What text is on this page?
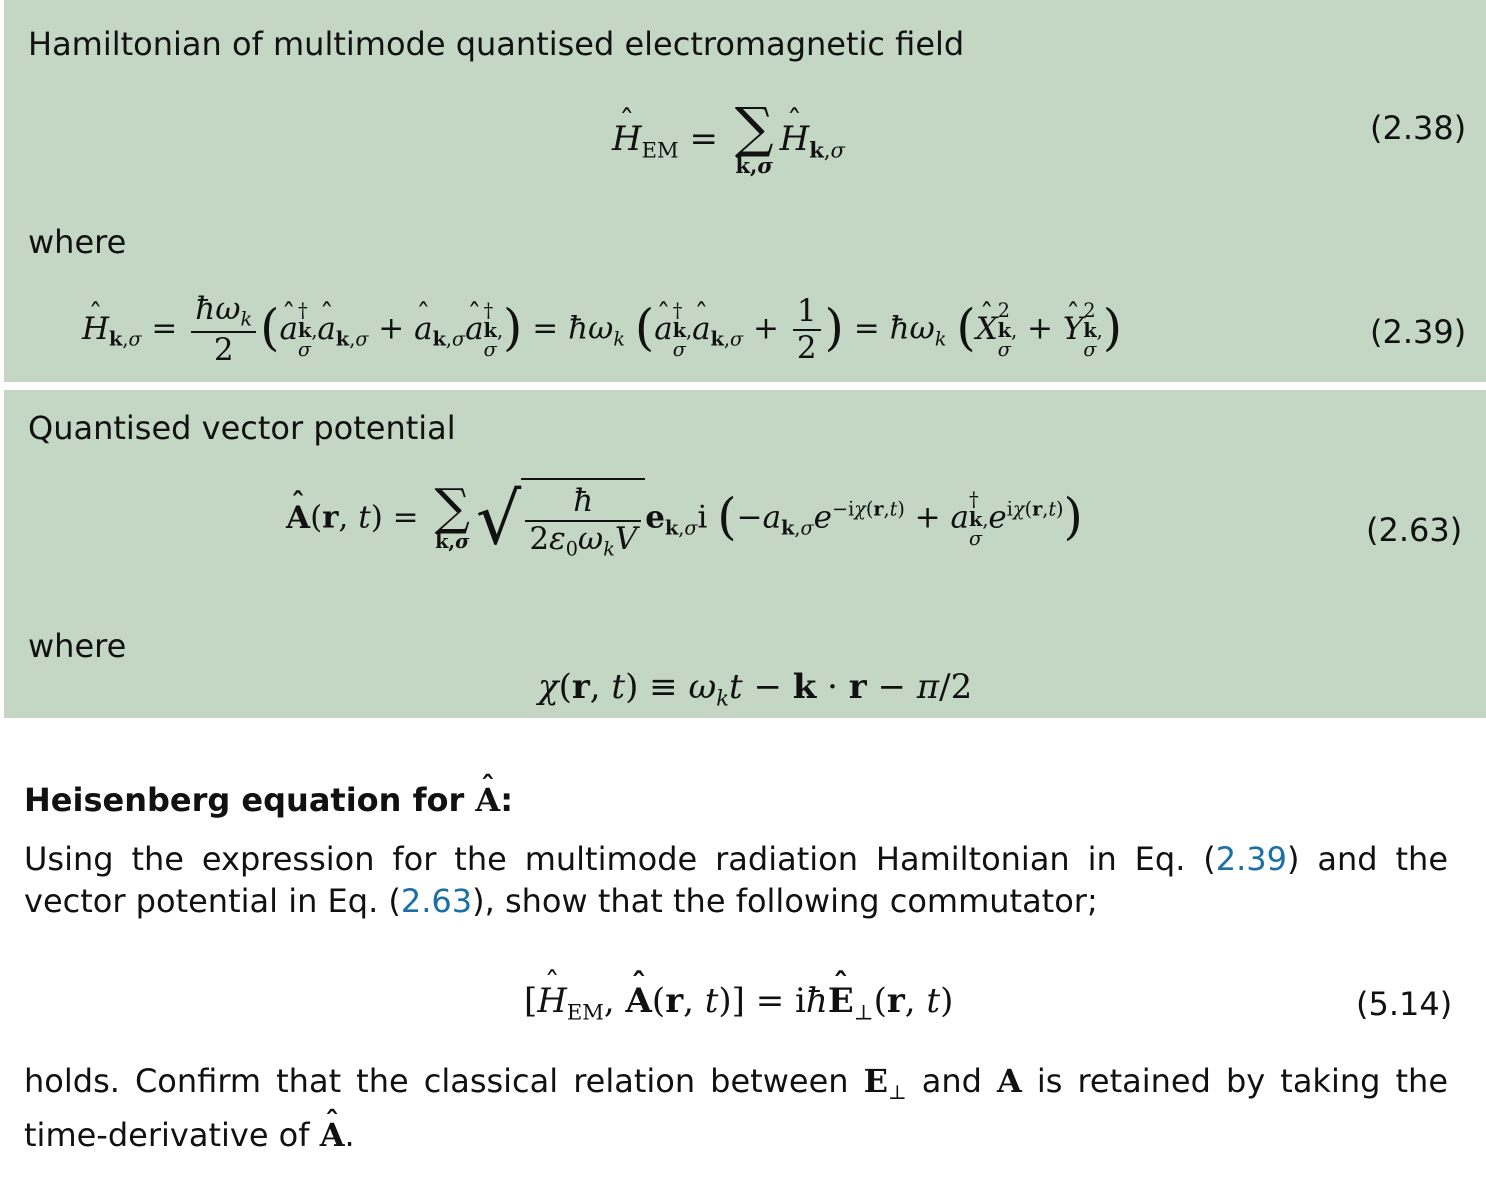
Hamiltonian of multimode quantised electromagnetic field
ˆ $H_{EM}$ = ∑
k,σ
ˆ $H_{k,\sigma}$
(2.38)
where
ˆ $H_{k,\sigma} = \frac{ħ\omega_k}{2}$ (ˆ a †
k,
σ
ˆ $a_{k,\sigma}$ + ˆ $a_{k,\sigma}ˆ$ a †
k,
σ ) = $ħ\omega_k$ (ˆ a †
k,
σ
ˆ $a_{k,\sigma} + \frac{1}{2}$ ) = $ħ\omega_k$ (ˆ X 2
k,
σ
+ ˆ Y 2
k,
σ )	(2.39)
Quantised vector potential
ˆ A(r, t) = ∑
k,σ √ $\frac{ħ}{2\varepsilon_0\omega_kV} e_{k,\sigma}i$ ($-a_{k,\sigma}e^{-i\chi(r,t)} + a$ †
k,
σ
$e^{i\chi(r,t)}$)	(2.63)
where
χ(r, $t) \equiv \omega_kt - k \cdot r - \pi/2$
Heisenberg equation for ˆ A:
Using the expression for the multimode radiation Hamiltonian in Eq. (2.39) and the vector potential in Eq. (2.63), show that the following commutator;
[ˆ $H_{EM}$, ˆ A(r, t)] = iħˆ $E_\perp(r$, t)	(5.14)
holds. Confirm that the classical relation between $E_\perp$ and A is retained by taking the time-derivative of ˆ A.
